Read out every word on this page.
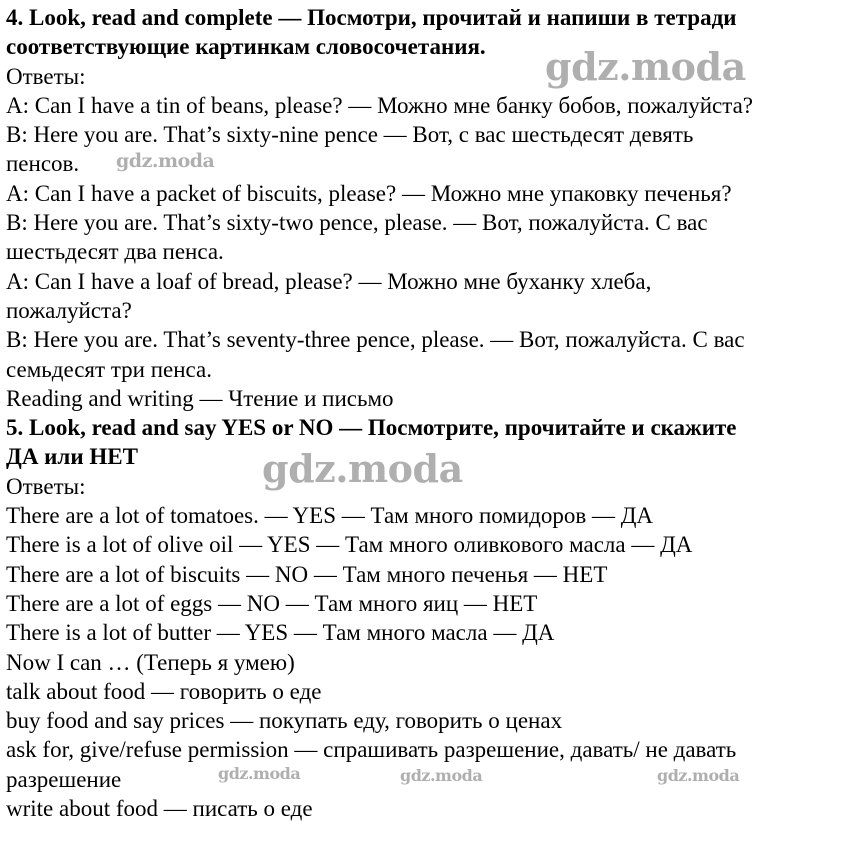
4. Look, read and complete — Посмотри, прочитай и напиши в тетради
соответствующие картинкам словосочетания.
Ответы:
A: Can I have a tin of beans, please? — Можно мне банку бобов, пожалуйста?
B: Here you are. That’s sixty-nine pence — Вот, с вас шестьдесят девять
пенсов.
A: Can I have a packet of biscuits, please? — Можно мне упаковку печенья?
B: Here you are. That’s sixty-two pence, please. — Вот, пожалуйста. С вас
шестьдесят два пенса.
A: Can I have a loaf of bread, please? — Можно мне буханку хлеба,
пожалуйста?
B: Here you are. That’s seventy-three pence, please. — Вот, пожалуйста. С вас
семьдесят три пенса.
Reading and writing — Чтение и письмо
5. Look, read and say YES or NO — Посмотрите, прочитайте и скажите
ДА или НЕТ
Ответы:
There are a lot of tomatoes. — YES — Там много помидоров — ДА
There is a lot of olive oil — YES — Там много оливкового масла — ДА
There are a lot of biscuits — NO — Там много печенья — НЕТ
There are a lot of eggs — NO — Там много яиц — НЕТ
There is a lot of butter — YES — Там много масла — ДА
Now I can … (Теперь я умею)
talk about food — говорить о еде
buy food and say prices — покупать еду, говорить о ценах
ask for, give/refuse permission — спрашивать разрешение, давать/ не давать
разрешение
write about food — писать о еде
gdz.moda
gdz.moda
gdz.moda
gdz.moda	gdz.moda	gdz.moda
